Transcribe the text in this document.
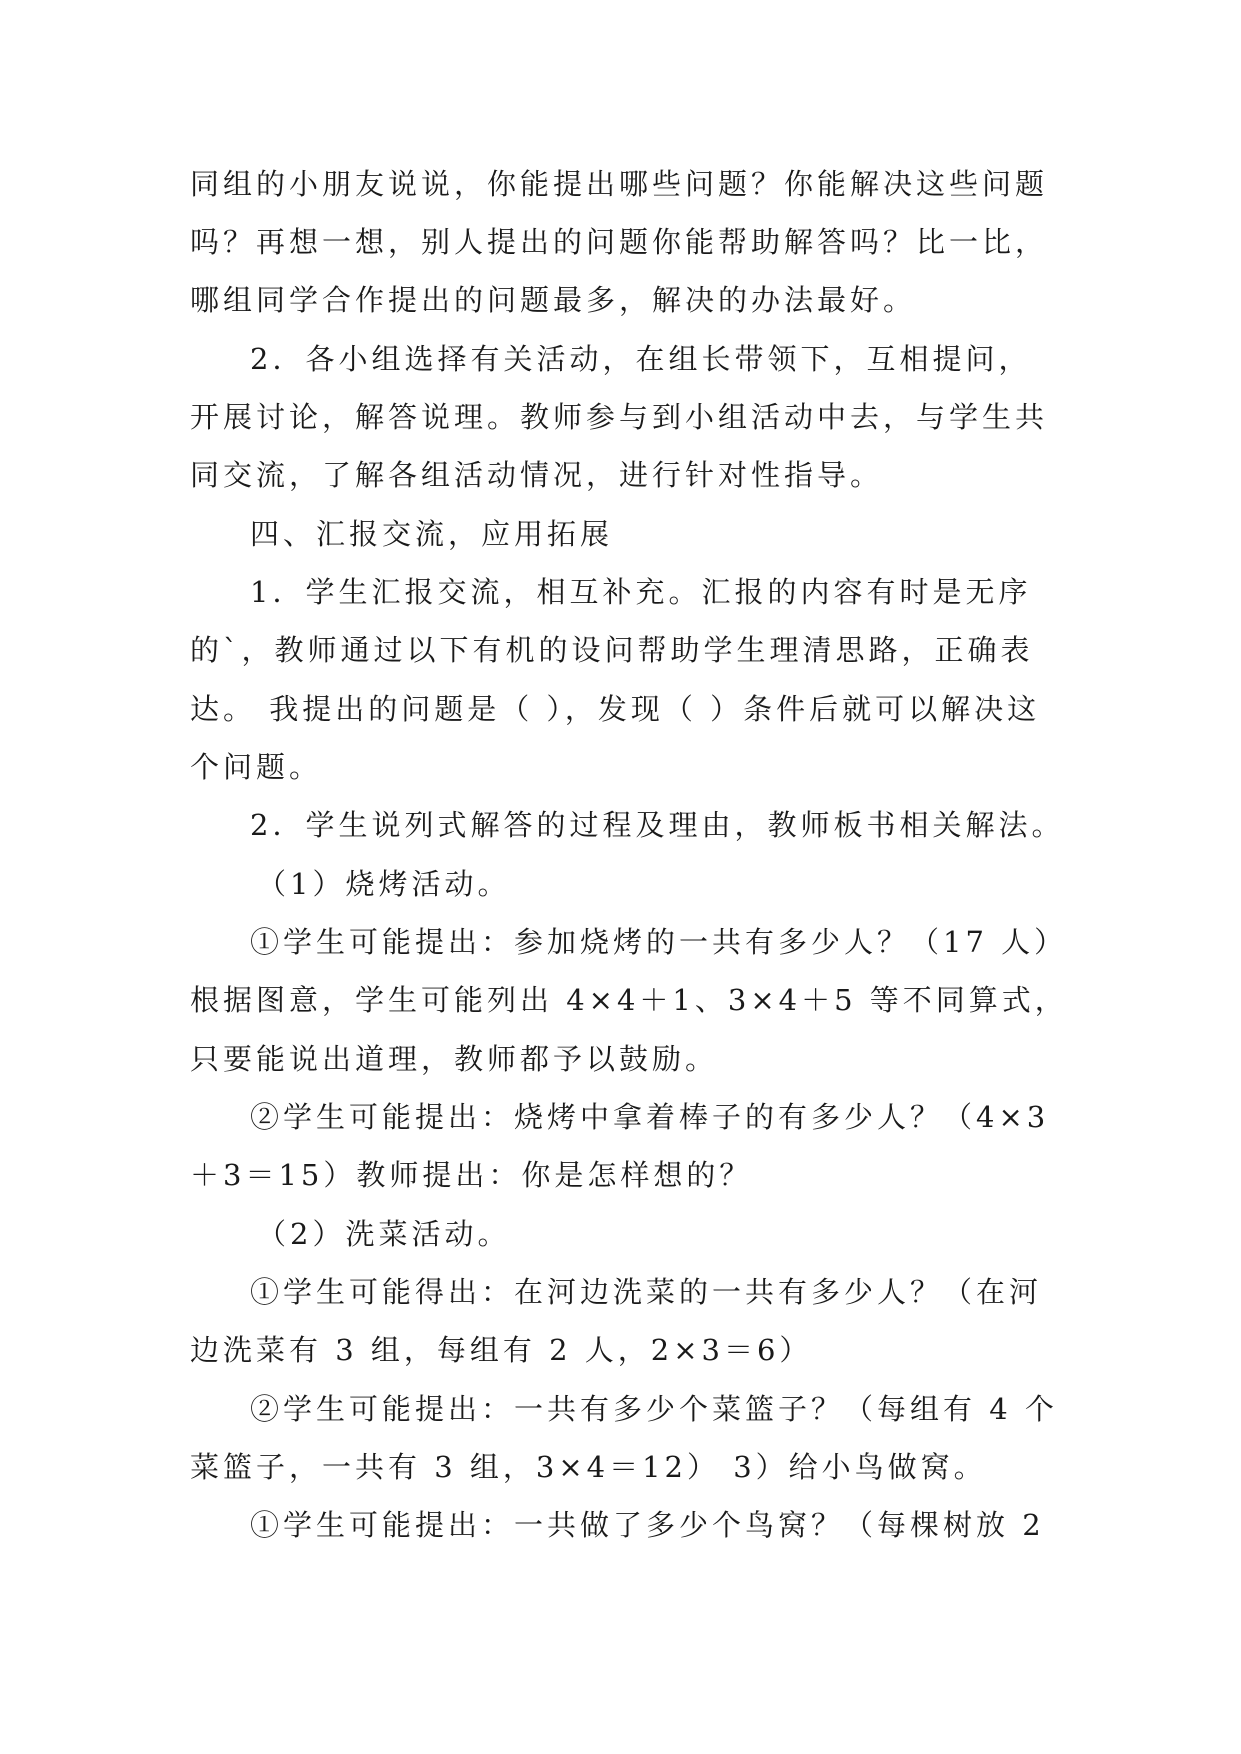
同组的小朋友说说，你能提出哪些问题？你能解决这些问题

吗？再想一想，别人提出的问题你能帮助解答吗？比一比，

哪组同学合作提出的问题最多，解决的办法最好。

2．各小组选择有关活动，在组长带领下，互相提问，

开展讨论，解答说理。教师参与到小组活动中去，与学生共

同交流，了解各组活动情况，进行针对性指导。

四、汇报交流，应用拓展

1．学生汇报交流，相互补充。汇报的内容有时是无序

的`，教师通过以下有机的设问帮助学生理清思路，正确表

达。 我提出的问题是（ ），发现（ ）条件后就可以解决这

个问题。

2．学生说列式解答的过程及理由，教师板书相关解法。

（1）烧烤活动。

①学生可能提出：参加烧烤的一共有多少人？（17 人）

根据图意，学生可能列出 4×4＋1、3×4＋5 等不同算式，

只要能说出道理，教师都予以鼓励。

②学生可能提出：烧烤中拿着棒子的有多少人？（4×3

＋3＝15）教师提出：你是怎样想的？

（2）洗菜活动。

①学生可能得出：在河边洗菜的一共有多少人？（在河

边洗菜有 3 组，每组有 2 人，2×3＝6）

②学生可能提出：一共有多少个菜篮子？（每组有 4 个

菜篮子，一共有 3 组，3×4＝12） 3）给小鸟做窝。

①学生可能提出：一共做了多少个鸟窝？（每棵树放 2
